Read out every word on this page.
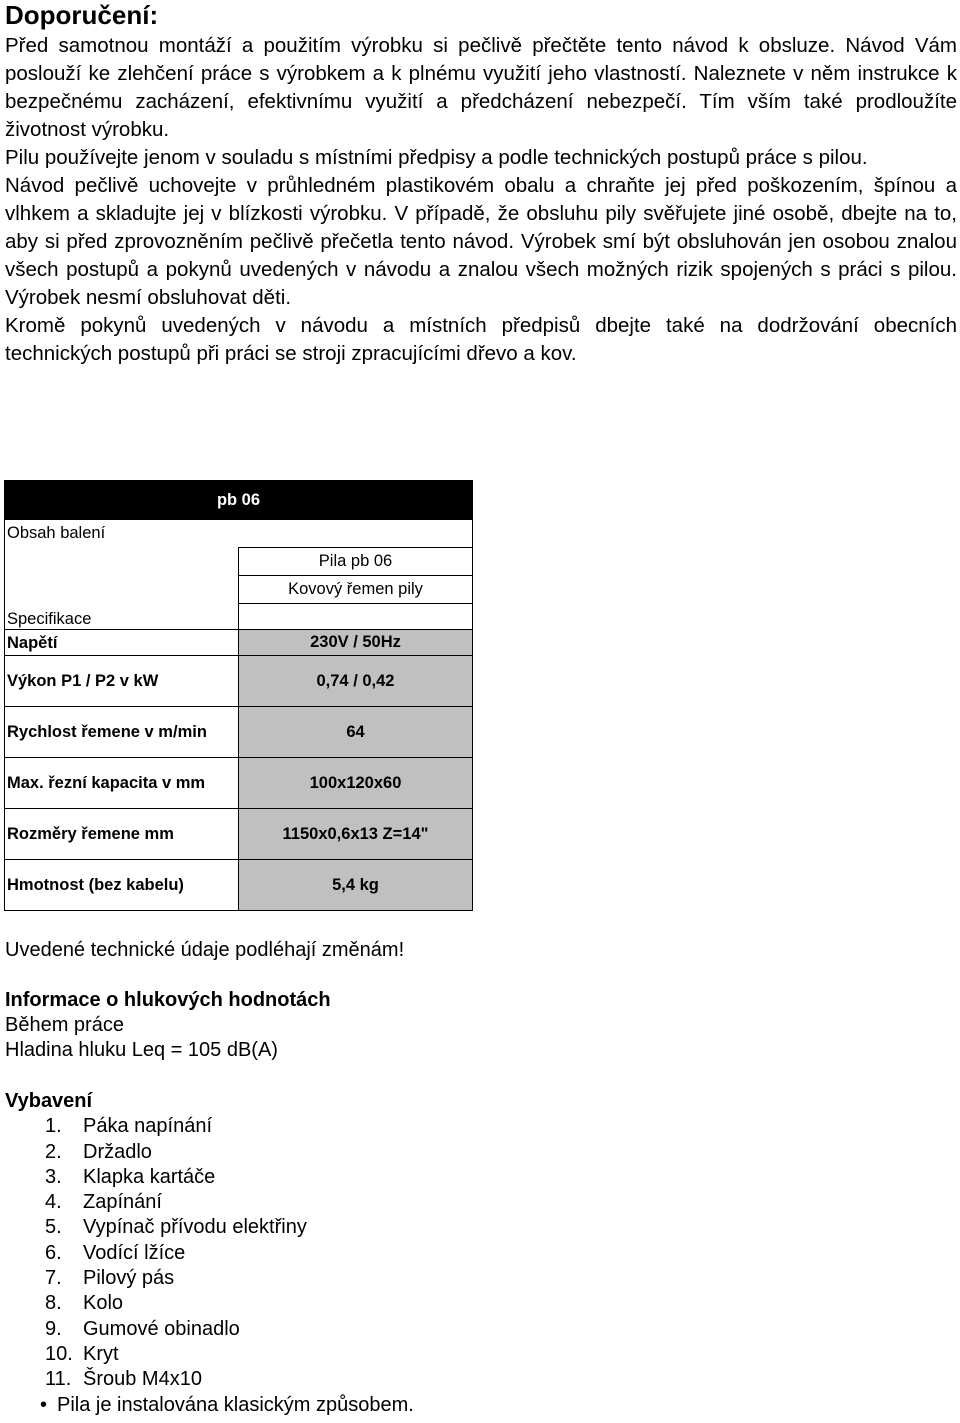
Doporučení:

Před samotnou montáží a použitím výrobku si pečlivě přečtěte tento návod k obsluze. Návod Vám poslouží ke zlehčení práce s výrobkem a k plnému využití jeho vlastností. Naleznete v něm instrukce k bezpečnému zacházení, efektivnímu využití a předcházení nebezpečí. Tím vším také prodloužíte životnost výrobku.

Pilu používejte jenom v souladu s místními předpisy a podle technických postupů práce s pilou.

Návod pečlivě uchovejte v průhledném plastikovém obalu a chraňte jej před poškozením, špínou a vlhkem a skladujte jej v blízkosti výrobku. V případě, že obsluhu pily svěřujete jiné osobě, dbejte na to, aby si před zprovozněním pečlivě přečetla tento návod. Výrobek smí být obsluhován jen osobou znalou všech postupů a pokynů uvedených v návodu a znalou všech možných rizik spojených s práci s pilou. Výrobek nesmí obsluhovat děti.

Kromě pokynů uvedených v návodu a místních předpisů dbejte také na dodržování obecních technických postupů při práci se stroji zpracujícími dřevo a kov.

pb 06	
Obsah balení	
	Pila pb 06
	Kovový řemen pily
Specifikace	
Napětí	230V / 50Hz
Výkon P1 / P2 v kW	0,74 / 0,42
Rychlost řemene v m/min	64
Max. řezní kapacita v mm	100x120x60
Rozměry řemene mm	1150x0,6x13 Z=14"
Hmotnost (bez kabelu)	5,4 kg
Uvedené technické údaje podléhají změnám!
Informace o hlukových hodnotách
Během práce
Hladina hluku Leq = 105 dB(A)
Vybavení
1.	Páka napínání
2.	Držadlo
3.	Klapka kartáče
4.	Zapínání
5.	Vypínač přívodu elektřiny
6.	Vodící lžíce
7.	Pilový pás
8.	Kolo
9.	Gumové obinadlo
10. Kryt
11. Šroub M4x10
• Pila je instalována klasickým způsobem.
